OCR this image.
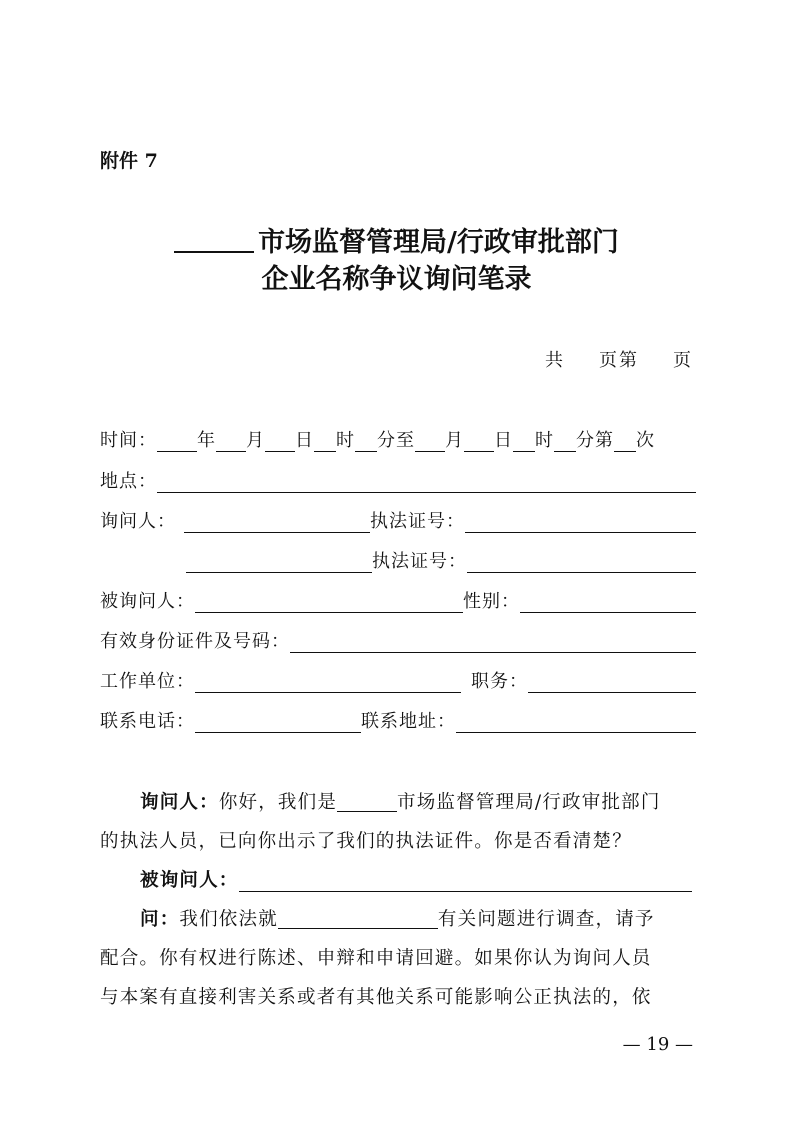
附件 7
市场监督管理局/行政审批部门
企业名称争议询问笔录
共 页第 页
时间： 年 月 日 时 分至 月 日 时 分第 次
地点：
询问人：	执法证号：
执法证号：
被询问人：	性别：
有效身份证件及号码：
工作单位：	职务：
联系电话：	联系地址：
询问人：你好，我们是	市场监督管理局/行政审批部门
的执法人员，已向你出示了我们的执法证件。你是否看清楚？
被询问人：
问：我们依法就	有关问题进行调查，请予
配合。你有权进行陈述、申辩和申请回避。如果你认为询问人员
与本案有直接利害关系或者有其他关系可能影响公正执法的，依
— 19 —
